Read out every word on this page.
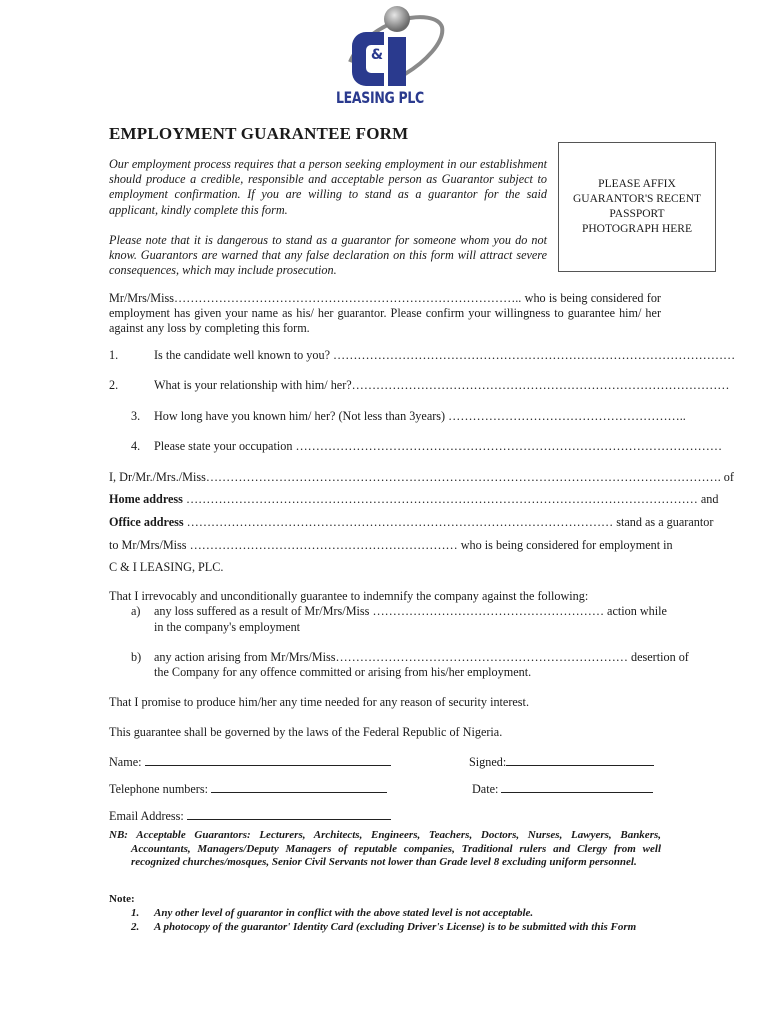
&
LEASING PLC
EMPLOYMENT GUARANTEE FORM
Our employment process requires that a person seeking employment in our establishment should produce a credible, responsible and acceptable person as Guarantor subject to employment confirmation. If you are willing to stand as a guarantor for the said applicant, kindly complete this form.
Please note that it is dangerous to stand as a guarantor for someone whom you do not know. Guarantors are warned that any false declaration on this form will attract severe consequences, which may include prosecution.
PLEASE AFFIX
GUARANTOR'S RECENT
PASSPORT
PHOTOGRAPH HERE
Mr/Mrs/Miss………………………………………………………………………….. who is being considered for
employment has given your name as his/ her guarantor. Please confirm your willingness to guarantee him/ her against any loss by completing this form.
1.	Is the candidate well known to you? ………………………………………………………………………………………
2.	What is your relationship with him/ her?…………………………………………………………………………………
3. How long have you known him/ her? (Not less than 3years) …………………………………………………..
4. Please state your occupation ……………………………………………………………………………………………
I, Dr/Mr./Mrs./Miss………………………………………………………………………………………………………………. of
Home address ……………………………………………………………………………………………………………… and
Office address …………………………………………………………………………………………… stand as a guarantor
to Mr/Mrs/Miss ………………………………………………………… who is being considered for employment in
C & I LEASING, PLC.
That I irrevocably and unconditionally guarantee to indemnify the company against the following:
a) any loss suffered as a result of Mr/Mrs/Miss ………………………………………………… action while
in the company's employment
b) any action arising from Mr/Mrs/Miss……………………………………………………………… desertion of
the Company for any offence committed or arising from his/her employment.
That I promise to produce him/her any time needed for any reason of security interest.
This guarantee shall be governed by the laws of the Federal Republic of Nigeria.
Name:	Signed:
Telephone numbers:	Date:
Email Address:
NB: Acceptable Guarantors: Lecturers, Architects, Engineers, Teachers, Doctors, Nurses, Lawyers, Bankers, Accountants, Managers/Deputy Managers of reputable companies, Traditional rulers and Clergy from well recognized churches/mosques, Senior Civil Servants not lower than Grade level 8 excluding uniform personnel.
Note:
1. Any other level of guarantor in conflict with the above stated level is not acceptable.
2. A photocopy of the guarantor' Identity Card (excluding Driver's License) is to be submitted with this Form
